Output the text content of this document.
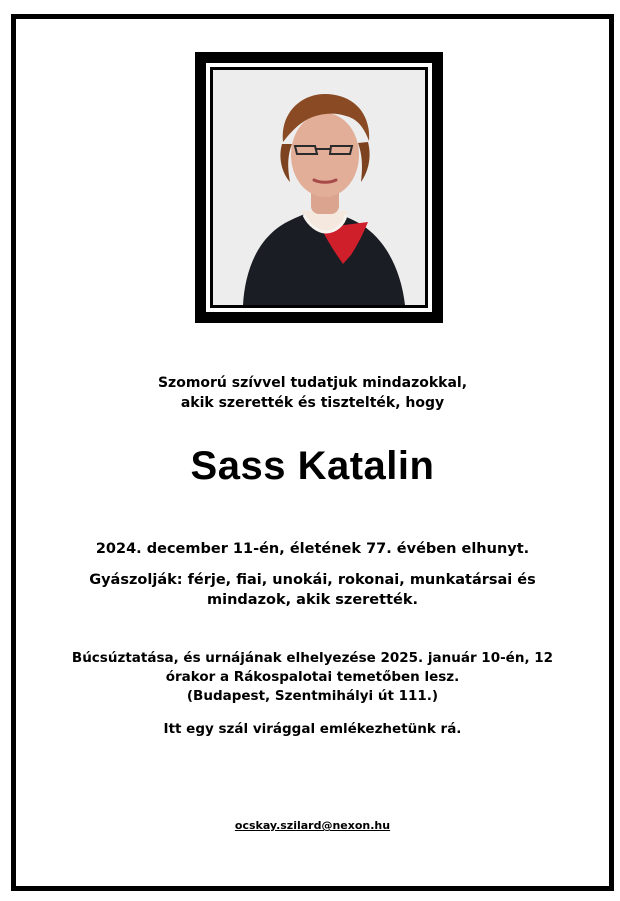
Szomorú szívvel tudatjuk mindazokkal,
akik szerették és tisztelték, hogy
Sass Katalin
2024. december 11-én, életének 77. évében elhunyt.
Gyászolják: férje, fiai, unokái, rokonai, munkatársai és
mindazok, akik szerették.
Búcsúztatása, és urnájának elhelyezése 2025. január 10-én, 12
órakor a Rákospalotai temetőben lesz.
(Budapest, Szentmihályi út 111.)
Itt egy szál virággal emlékezhetünk rá.
ocskay.szilard@nexon.hu
